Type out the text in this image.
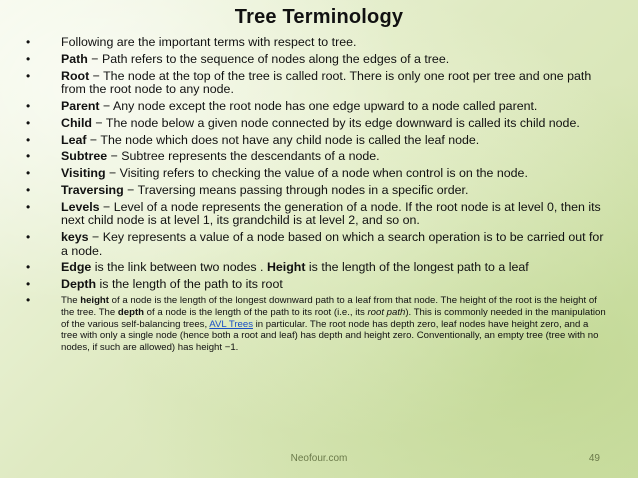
Tree Terminology
• Following are the important terms with respect to tree.
• Path − Path refers to the sequence of nodes along the edges of a tree.
• Root − The node at the top of the tree is called root. There is only one root per tree and one path from the root node to any node.
• Parent − Any node except the root node has one edge upward to a node called parent.
• Child − The node below a given node connected by its edge downward is called its child node.
• Leaf − The node which does not have any child node is called the leaf node.
• Subtree − Subtree represents the descendants of a node.
• Visiting − Visiting refers to checking the value of a node when control is on the node.
• Traversing − Traversing means passing through nodes in a specific order.
• Levels − Level of a node represents the generation of a node. If the root node is at level 0, then its next child node is at level 1, its grandchild is at level 2, and so on.
• keys − Key represents a value of a node based on which a search operation is to be carried out for a node.
• Edge is the link between two nodes . Height is the length of the longest path to a leaf
• Depth is the length of the path to its root
•	The height of a node is the length of the longest downward path to a leaf from that node. The height of the root is the height of the tree. The depth of a node is the length of the path to its root (i.e., its root path). This is commonly needed in the manipulation of the various self-balancing trees, AVL Trees in particular. The root node has depth zero, leaf nodes have height zero, and a tree with only a single node (hence both a root and leaf) has depth and height zero. Conventionally, an empty tree (tree with no nodes, if such are allowed) has height −1.
Neofour.com	49
